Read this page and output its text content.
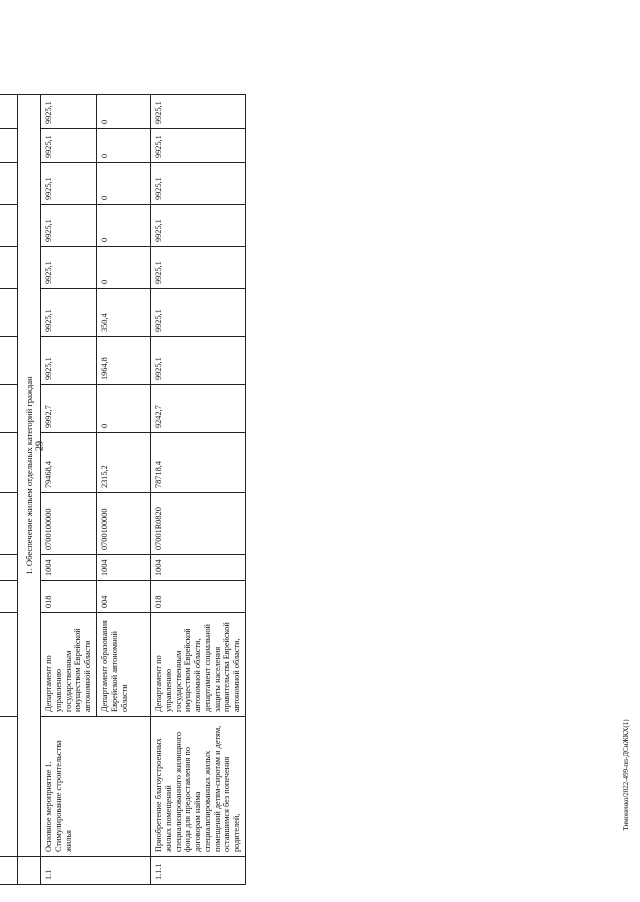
29
Тимоненко/2022-499-пп-ДСиЖКХ(1)

	1. Обеспечение жильем отдельных категорий граждан													
1.1	Основное мероприятие 1. Стимулирование строительства жилья	Департамент по управлению государственным имуществом Еврейской автономной области	018	1004	0700100000	79468,4	9992,7	9925,1	9925,1	9925,1	9925,1	9925,1	9925,1	9925,1
		Департамент образования Еврейской автономной области	004	1004	0700100000	2315,2	0	1964,8	350,4	0	0	0	0	0
1.1.1	Приобретение благоустроенных жилых помещений специализированного жилищного фонда для предоставления по договорам найма специализированных жилых помещений детям-сиротам и детям, оставшимся без попечения родителей,	Департамент по управлению государственным имуществом Еврейской автономной области, департамент социальной защиты населения правительства Еврейской автономной области,	018	1004	07001R0820	78718,4	9242,7	9925,1	9925,1	9925,1	9925,1	9925,1	9925,1	9925,1
